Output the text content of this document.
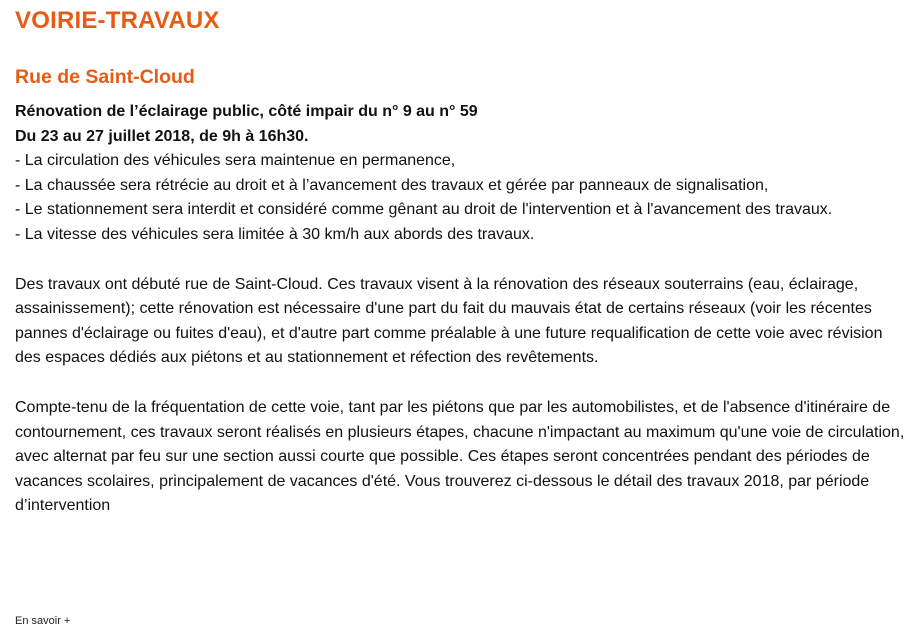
VOIRIE-TRAVAUX
Rue de Saint-Cloud
Rénovation de l’éclairage public, côté impair du n° 9 au n° 59
Du 23 au 27 juillet 2018, de 9h à 16h30.
- La circulation des véhicules sera maintenue en permanence,
- La chaussée sera rétrécie au droit et à l’avancement des travaux et gérée par panneaux de signalisation,
- Le stationnement sera interdit et considéré comme gênant au droit de l'intervention et à l'avancement des travaux.
- La vitesse des véhicules sera limitée à 30 km/h aux abords des travaux.

Des travaux ont débuté rue de Saint-Cloud. Ces travaux visent à la rénovation des réseaux souterrains (eau, éclairage, assainissement); cette rénovation est nécessaire d'une part du fait du mauvais état de certains réseaux (voir les récentes pannes d'éclairage ou fuites d'eau), et d'autre part comme préalable à une future requalification de cette voie avec révision des espaces dédiés aux piétons et au stationnement et réfection des revêtements.

Compte-tenu de la fréquentation de cette voie, tant par les piétons que par les automobilistes, et de l'absence d'itinéraire de contournement, ces travaux seront réalisés en plusieurs étapes, chacune n'impactant au maximum qu'une voie de circulation, avec alternat par feu sur une section aussi courte que possible. Ces étapes seront concentrées pendant des périodes de vacances scolaires, principalement de vacances d'été. Vous trouverez ci-dessous le détail des travaux 2018, par période d’intervention

En savoir +
